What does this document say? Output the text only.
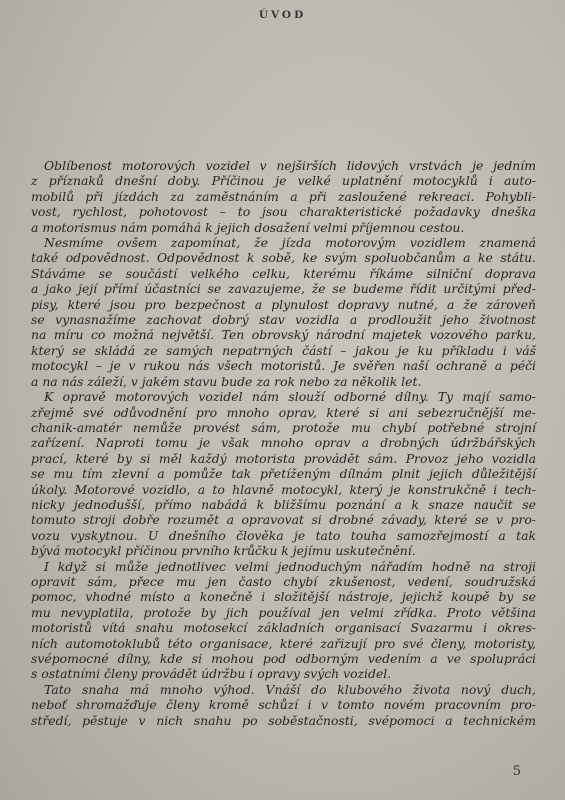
ÚVOD
Oblíbenost motorových vozidel v nejširších lidových vrstvách je jedním
z příznaků dnešní doby. Příčinou je velké uplatnění motocyklů i auto-
mobilů při jízdách za zaměstnáním a při zasloužené rekreaci. Pohybli-
vost, rychlost, pohotovost – to jsou charakteristické požadavky dneška
a motorismus nám pomáhá k jejich dosažení velmi příjemnou cestou.
Nesmíme ovšem zapomínat, že jízda motorovým vozidlem znamená
také odpovědnost. Odpovědnost k sobě, ke svým spoluobčanům a ke státu.
Stáváme se součástí velkého celku, kterému říkáme silniční doprava
a jako její přímí účastníci se zavazujeme, že se budeme řídit určitými před-
pisy, které jsou pro bezpečnost a plynulost dopravy nutné, a že zároveň
se vynasnažíme zachovat dobrý stav vozidla a prodloužit jeho životnost
na míru co možná největší. Ten obrovský národní majetek vozového parku,
který se skládá ze samých nepatrných částí – jakou je ku příkladu i váš
motocykl – je v rukou nás všech motoristů. Je svěřen naší ochraně a péči
a na nás záleží, v jakém stavu bude za rok nebo za několik let.
K opravě motorových vozidel nám slouží odborné dílny. Ty mají samo-
zřejmě své odůvodnění pro mnoho oprav, které si ani sebezručnější me-
chanik-amatér nemůže provést sám, protože mu chybí potřebné strojní
zařízení. Naproti tomu je však mnoho oprav a drobných údržbářských
prací, které by si měl každý motorista provádět sám. Provoz jeho vozidla
se mu tím zlevní a pomůže tak přetíženým dílnám plnit jejich důležitější
úkoly. Motorové vozidlo, a to hlavně motocykl, který je konstrukčně i tech-
nicky jednodušší, přímo nabádá k bližšímu poznání a k snaze naučit se
tomuto stroji dobře rozumět a opravovat si drobné závady, které se v pro-
vozu vyskytnou. U dnešního člověka je tato touha samozřejmostí a tak
bývá motocykl příčinou prvního krůčku k jejímu uskutečnění.
I když si může jednotlivec velmi jednoduchým nářadím hodně na stroji
opravit sám, přece mu jen často chybí zkušenost, vedení, soudružská
pomoc, vhodné místo a konečně i složitější nástroje, jejichž koupě by se
mu nevyplatila, protože by jich používal jen velmi zřídka. Proto většina
motoristů vítá snahu motosekcí základních organisací Svazarmu i okres-
ních automotoklubů této organisace, které zařizují pro své členy, motoristy,
svépomocné dílny, kde si mohou pod odborným vedením a ve spolupráci
s ostatními členy provádět údržbu i opravy svých vozidel.
Tato snaha má mnoho výhod. Vnáší do klubového života nový duch,
neboť shromažďuje členy kromě schůzí i v tomto novém pracovním pro-
středí, pěstuje v nich snahu po soběstačnosti, svépomoci a technickém
5
